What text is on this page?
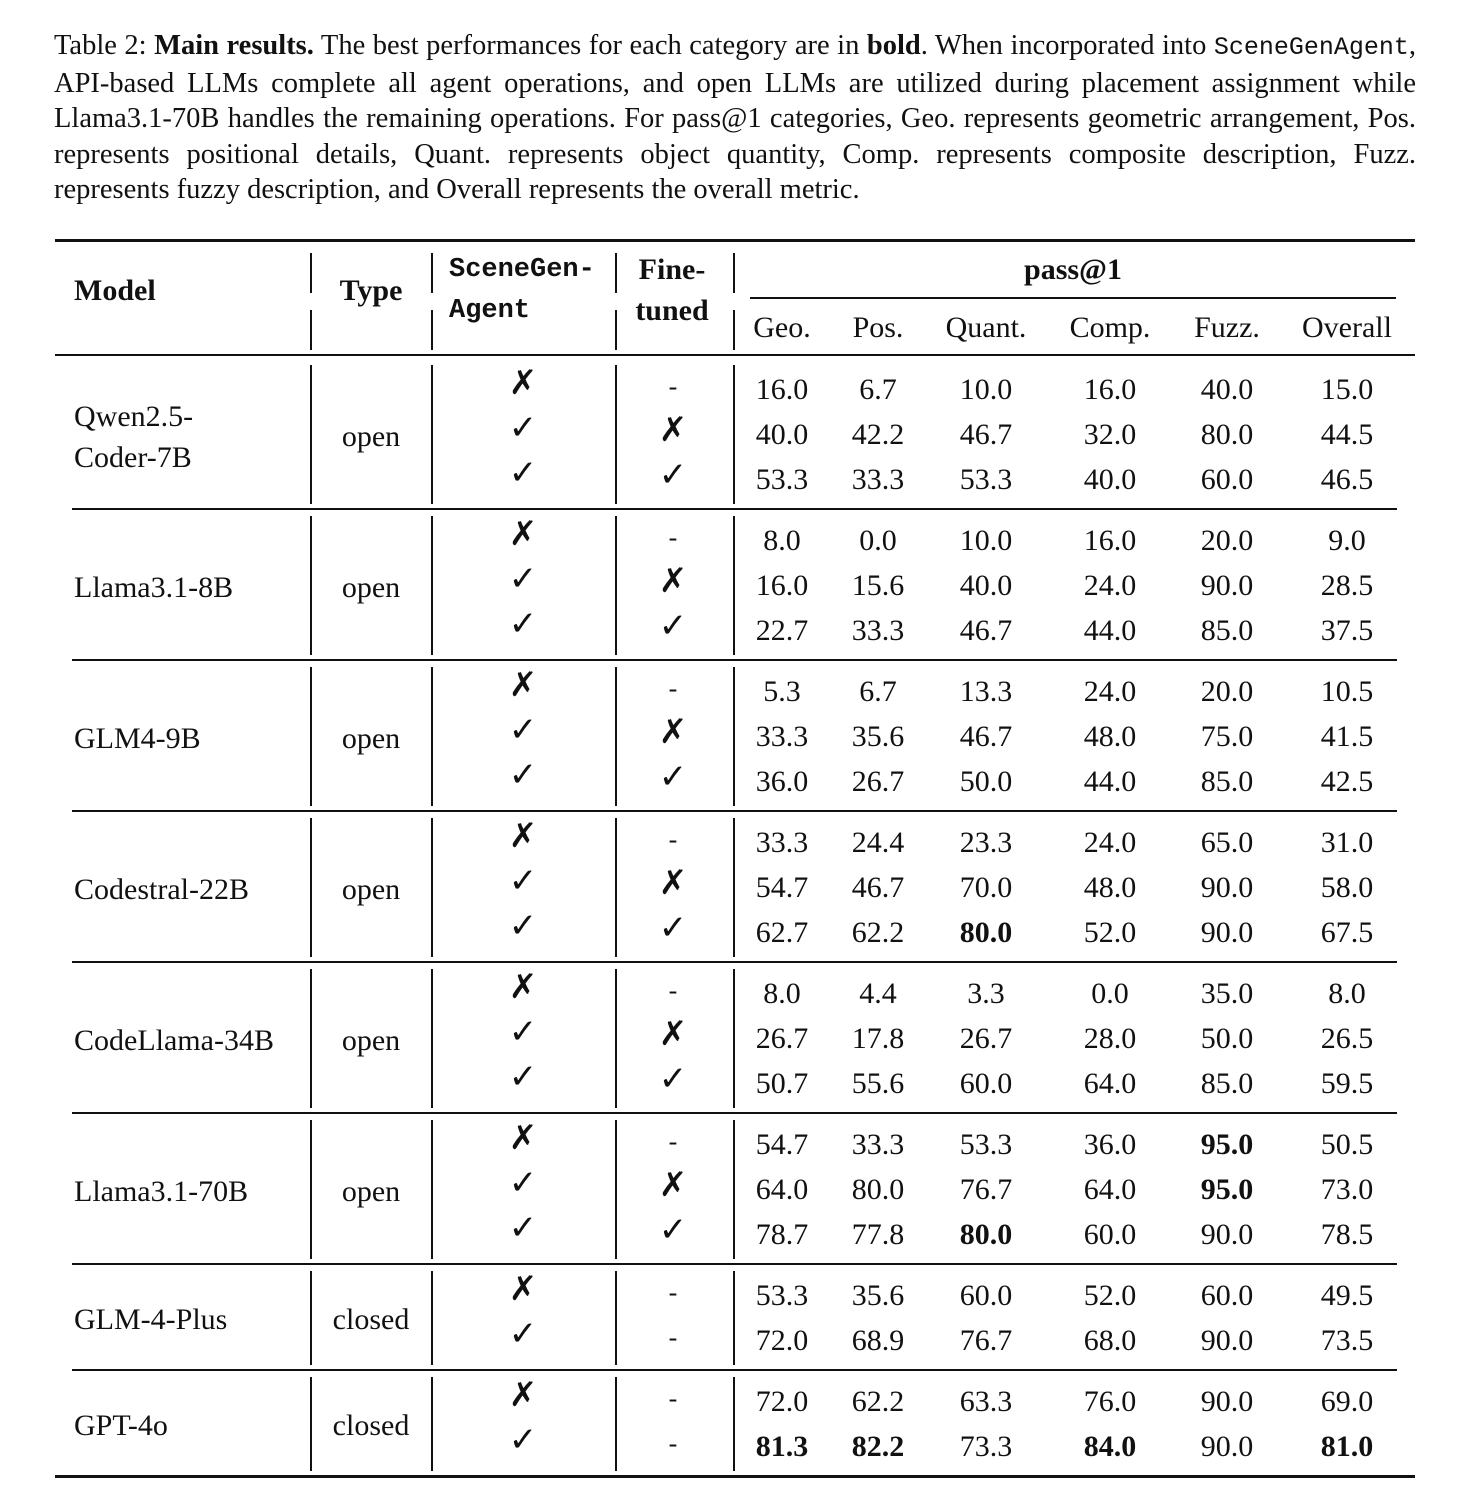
Table 2: Main results. The best performances for each category are in bold. When incorporated into SceneGenAgent, API-based LLMs complete all agent operations, and open LLMs are utilized during placement assignment while Llama3.1-70B handles the remaining operations. For pass@1 categories, Geo. represents geometric arrangement, Pos. represents positional details, Quant. represents object quantity, Comp. represents composite description, Fuzz. represents fuzzy description, and Overall represents the overall metric.
Model	Type
SceneGen-
Agent
Fine-
tuned
pass@1
Geo. Pos. Quant. Comp. Fuzz. Overall
Qwen2.5-
Coder-7B
open
✗	-	16.0 6.7 10.0 16.0 40.0 15.0
✓	✗ 40.0 42.2 46.7 32.0 80.0 44.5
✓	✓ 53.3 33.3 53.3 40.0 60.0 46.5
Llama3.1-8B	open
✗	-	8.0 0.0 10.0 16.0 20.0	9.0
✓	✗ 16.0 15.6 40.0 24.0 90.0 28.5
✓	✓ 22.7 33.3 46.7 44.0 85.0 37.5
GLM4-9B	open
✗	-	5.3 6.7 13.3 24.0 20.0 10.5
✓	✗ 33.3 35.6 46.7 48.0 75.0 41.5
✓	✓ 36.0 26.7 50.0 44.0 85.0 42.5
Codestral-22B	open
✗	-	33.3 24.4 23.3 24.0 65.0 31.0
✓	✗ 54.7 46.7 70.0 48.0 90.0 58.0
✓	✓ 62.7 62.2 80.0 52.0 90.0 67.5
CodeLlama-34B open
✗	-	8.0 4.4 3.3	0.0 35.0	8.0
✓	✗ 26.7 17.8 26.7 28.0 50.0 26.5
✓	✓ 50.7 55.6 60.0 64.0 85.0 59.5
Llama3.1-70B	open
✗	-	54.7 33.3 53.3 36.0 95.0 50.5
✓	✗ 64.0 80.0 76.7 64.0 95.0 73.0
✓	✓ 78.7 77.8 80.0 60.0 90.0 78.5
GLM-4-Plus	closed
✗	-	53.3 35.6 60.0 52.0 60.0 49.5
✓	-	72.0 68.9 76.7 68.0 90.0 73.5
GPT-4o	closed
✗	-	72.0 62.2 63.3 76.0 90.0 69.0
✓	-	81.3 82.2 73.3 84.0 90.0 81.0
